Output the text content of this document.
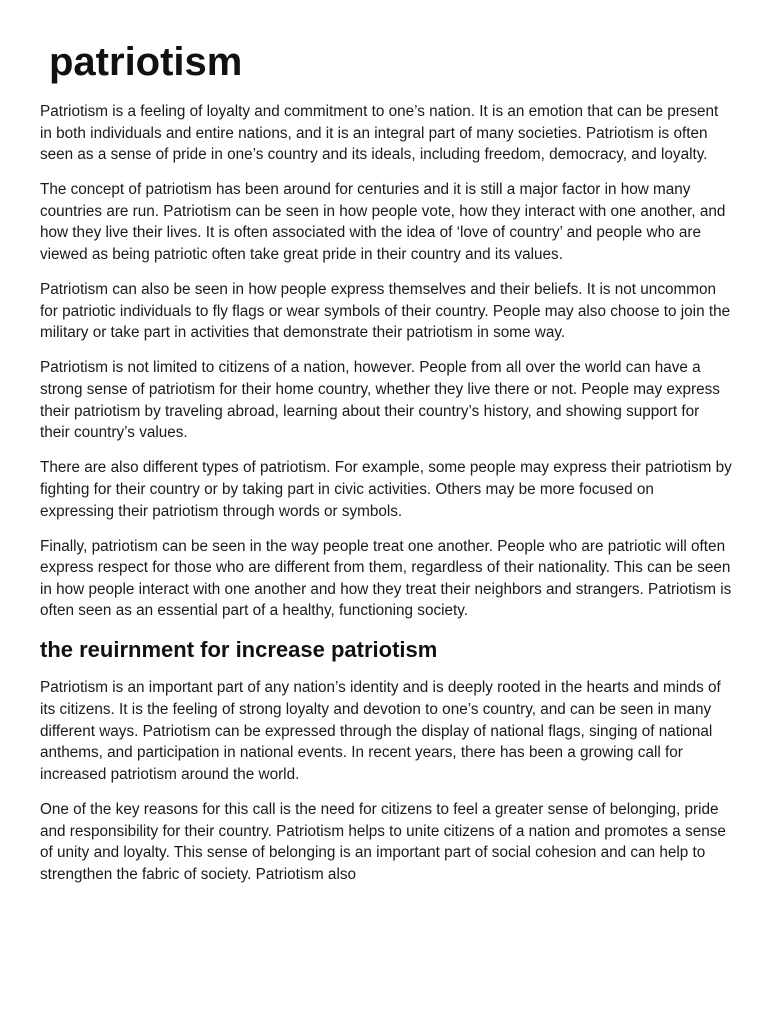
patriotism

Patriotism is a feeling of loyalty and commitment to one’s nation. It is an emotion that can be present in both individuals and entire nations, and it is an integral part of many societies. Patriotism is often seen as a sense of pride in one’s country and its ideals, including freedom, democracy, and loyalty.

The concept of patriotism has been around for centuries and it is still a major factor in how many countries are run. Patriotism can be seen in how people vote, how they interact with one another, and how they live their lives. It is often associated with the idea of ‘love of country’ and people who are viewed as being patriotic often take great pride in their country and its values.

Patriotism can also be seen in how people express themselves and their beliefs. It is not uncommon for patriotic individuals to fly flags or wear symbols of their country. People may also choose to join the military or take part in activities that demonstrate their patriotism in some way.

Patriotism is not limited to citizens of a nation, however. People from all over the world can have a strong sense of patriotism for their home country, whether they live there or not. People may express their patriotism by traveling abroad, learning about their country’s history, and showing support for their country’s values.

There are also different types of patriotism. For example, some people may express their patriotism by fighting for their country or by taking part in civic activities. Others may be more focused on expressing their patriotism through words or symbols.

Finally, patriotism can be seen in the way people treat one another. People who are patriotic will often express respect for those who are different from them, regardless of their nationality. This can be seen in how people interact with one another and how they treat their neighbors and strangers. Patriotism is often seen as an essential part of a healthy, functioning society.

the reuirnment for increase patriotism

Patriotism is an important part of any nation’s identity and is deeply rooted in the hearts and minds of its citizens. It is the feeling of strong loyalty and devotion to one’s country, and can be seen in many different ways. Patriotism can be expressed through the display of national flags, singing of national anthems, and participation in national events. In recent years, there has been a growing call for increased patriotism around the world.

One of the key reasons for this call is the need for citizens to feel a greater sense of belonging, pride and responsibility for their country. Patriotism helps to unite citizens of a nation and promotes a sense of unity and loyalty. This sense of belonging is an important part of social cohesion and can help to strengthen the fabric of society. Patriotism also
